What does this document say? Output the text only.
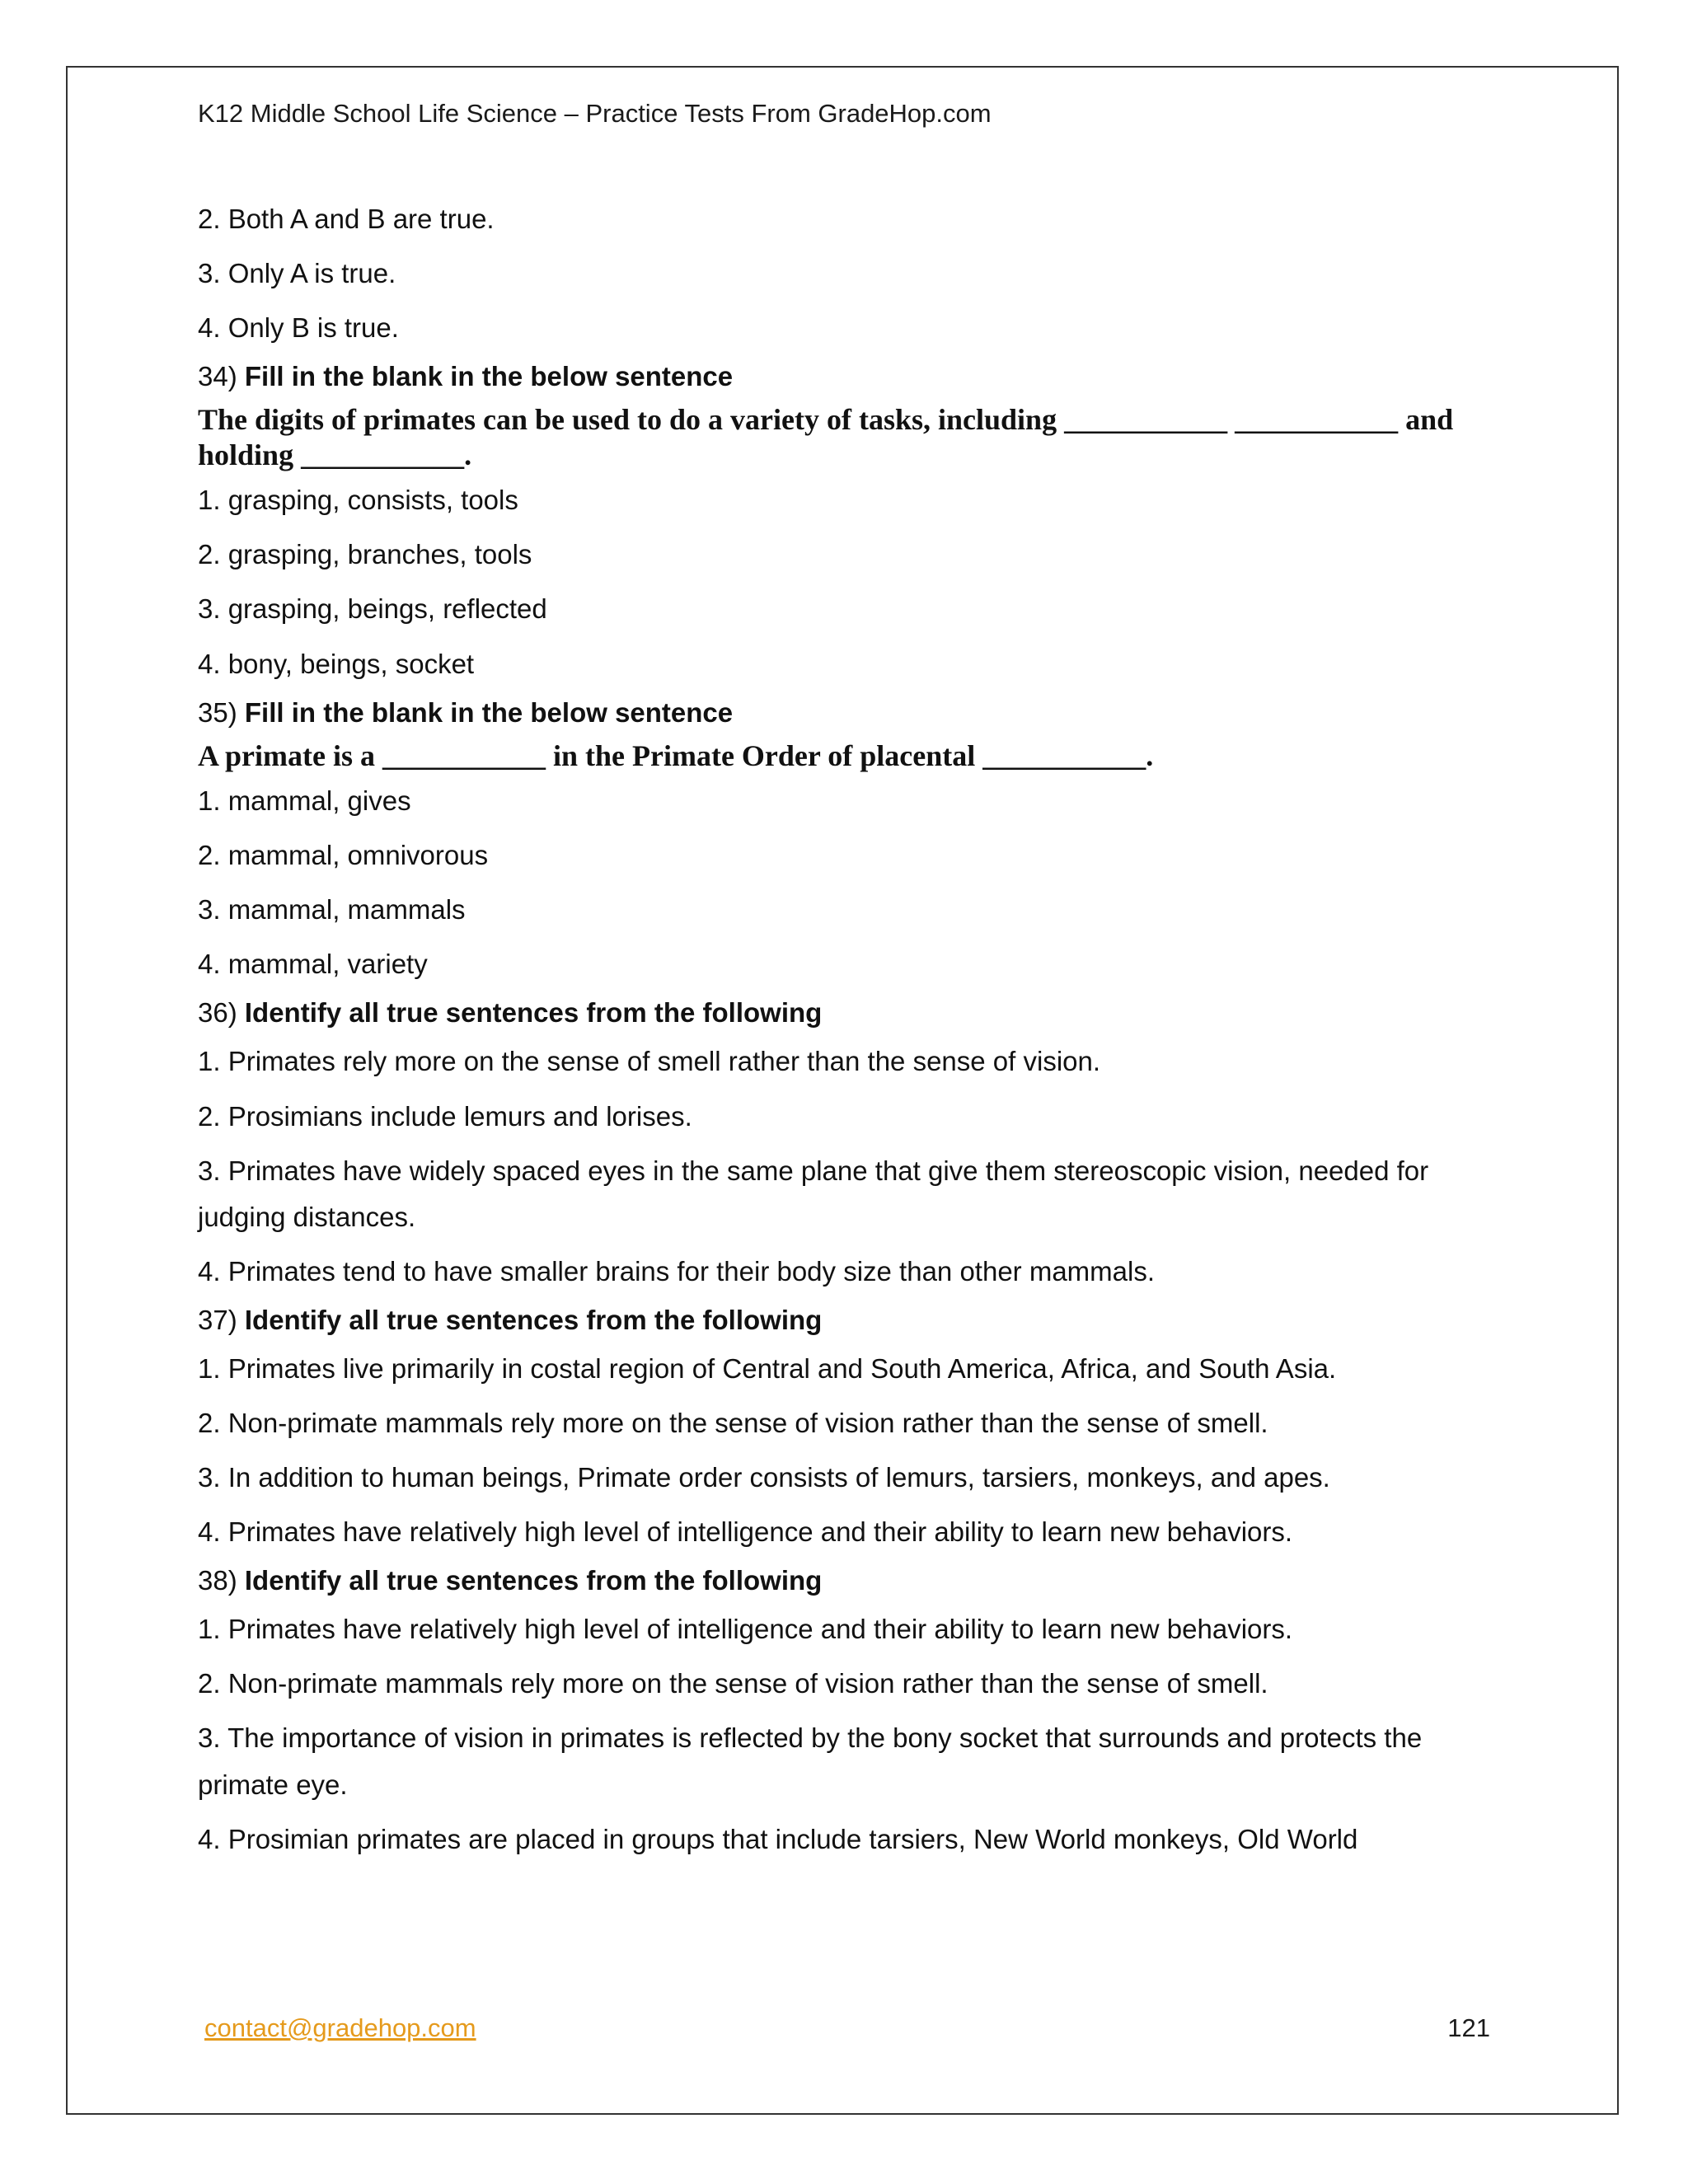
K12 Middle School Life Science – Practice Tests From GradeHop.com
2. Both A and B are true.
3. Only A is true.
4. Only B is true.
34) Fill in the blank in the below sentence
The digits of primates can be used to do a variety of tasks, including ___________ ___________ and holding ___________.
1. grasping, consists, tools
2. grasping, branches, tools
3. grasping, beings, reflected
4. bony, beings, socket
35) Fill in the blank in the below sentence
A primate is a ___________ in the Primate Order of placental ___________.
1. mammal, gives
2. mammal, omnivorous
3. mammal, mammals
4. mammal, variety
36) Identify all true sentences from the following
1. Primates rely more on the sense of smell rather than the sense of vision.
2. Prosimians include lemurs and lorises.
3. Primates have widely spaced eyes in the same plane that give them stereoscopic vision, needed for judging distances.
4. Primates tend to have smaller brains for their body size than other mammals.
37) Identify all true sentences from the following
1. Primates live primarily in costal region of Central and South America, Africa, and South Asia.
2. Non-primate mammals rely more on the sense of vision rather than the sense of smell.
3. In addition to human beings, Primate order consists of lemurs, tarsiers, monkeys, and apes.
4. Primates have relatively high level of intelligence and their ability to learn new behaviors.
38) Identify all true sentences from the following
1. Primates have relatively high level of intelligence and their ability to learn new behaviors.
2. Non-primate mammals rely more on the sense of vision rather than the sense of smell.
3. The importance of vision in primates is reflected by the bony socket that surrounds and protects the primate eye.
4. Prosimian primates are placed in groups that include tarsiers, New World monkeys, Old World
contact@gradehop.com	121
